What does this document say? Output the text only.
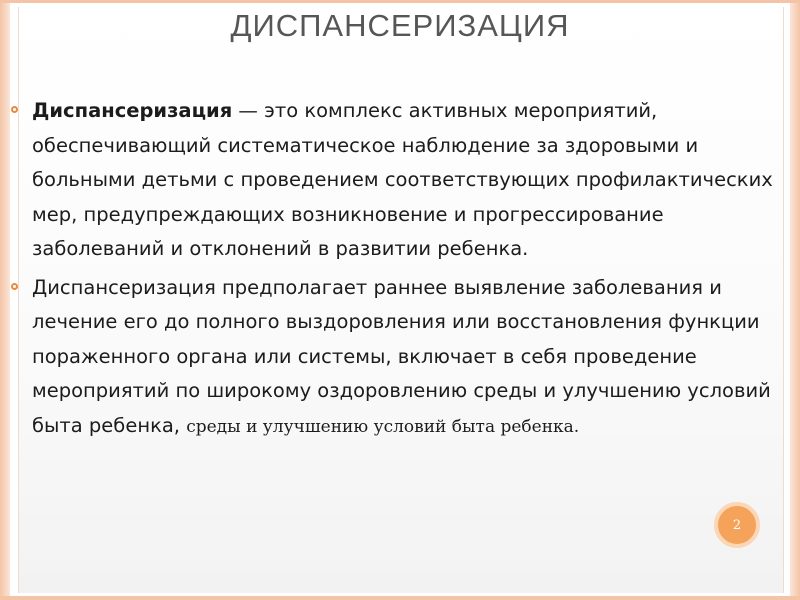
ДИСПАНСЕРИЗАЦИЯ

Диспансеризация — это комплекс активных мероприятий, обеспечивающий систематическое наблюдение за здоровыми и больными детьми с проведением соответствующих профилактических мер, предупреждающих возникновение и прогрессирование заболеваний и отклонений в развитии ребенка.

Диспансеризация предполагает раннее выявление заболевания и лечение его до полного выздоровления или восстановления функции пораженного органа или системы, включает в себя проведение мероприятий по широкому оздоровлению среды и улучшению условий быта ребенка, среды и улучшению условий быта ребенка.

2
